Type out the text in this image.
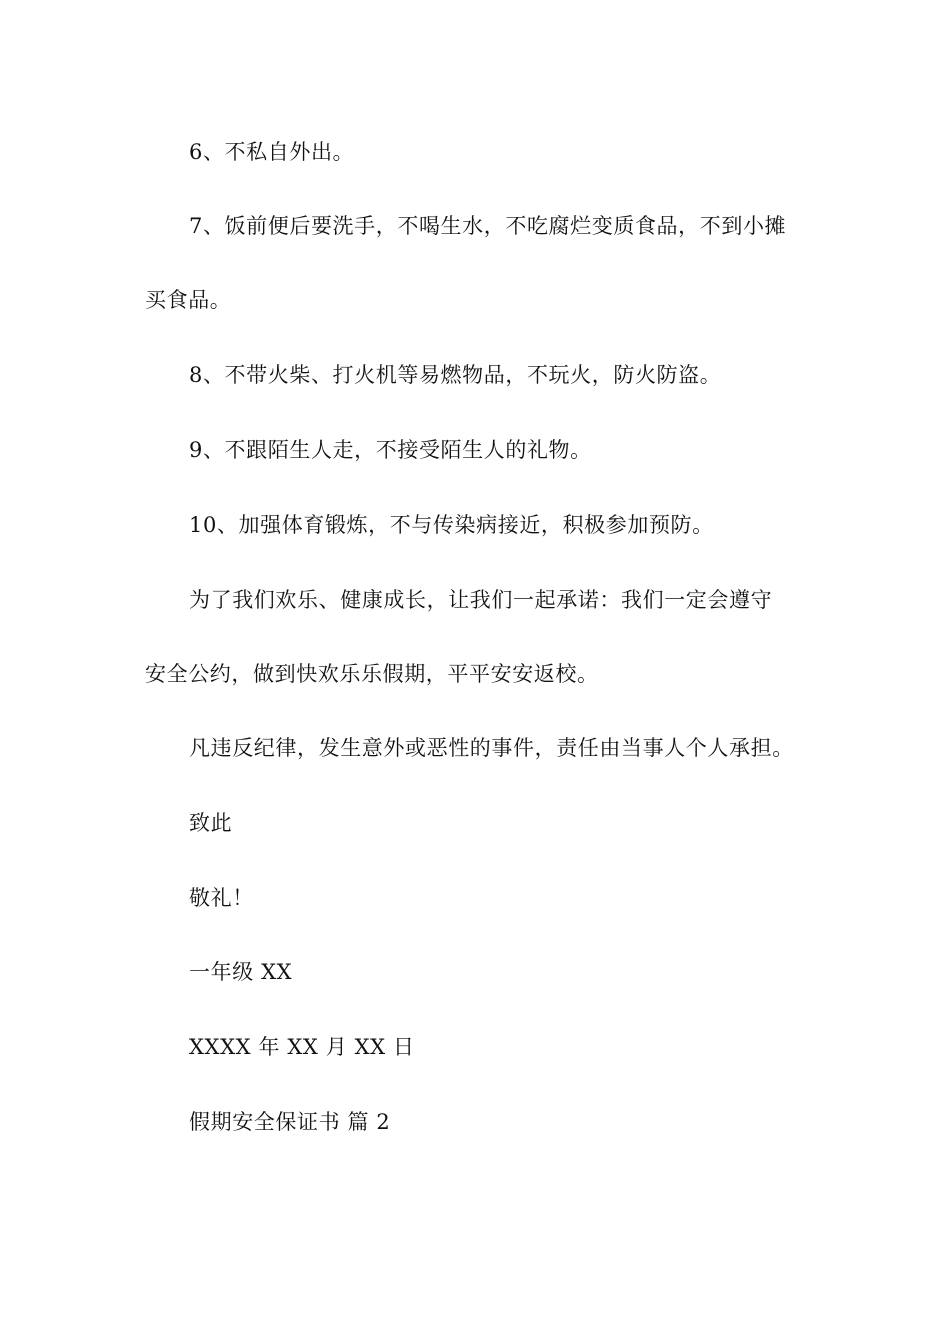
6、不私自外出。
7、饭前便后要洗手，不喝生水，不吃腐烂变质食品，不到小摊
买食品。
8、不带火柴、打火机等易燃物品，不玩火，防火防盗。
9、不跟陌生人走，不接受陌生人的礼物。
10、加强体育锻炼，不与传染病接近，积极参加预防。
为了我们欢乐、健康成长，让我们一起承诺：我们一定会遵守
安全公约，做到快欢乐乐假期，平平安安返校。
凡违反纪律，发生意外或恶性的事件，责任由当事人个人承担。
致此
敬礼！
一年级 XX
XXXX 年 XX 月 XX 日
假期安全保证书 篇 2
